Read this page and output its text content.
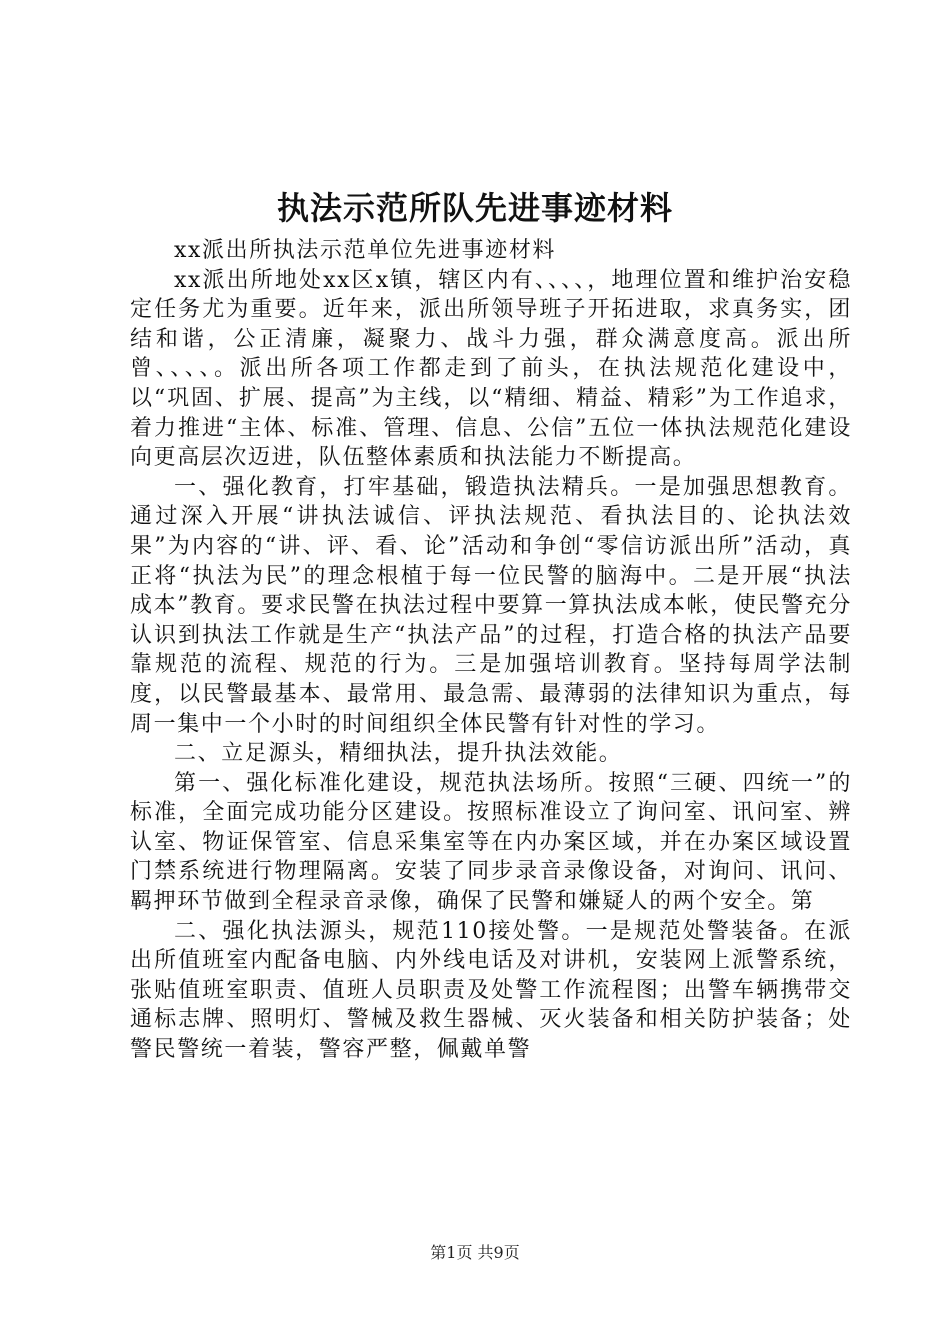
执法示范所队先进事迹材料

xx派出所执法示范单位先进事迹材料

xx派出所地处xx区x镇，辖区内有、、、、，地理位置和维护治安稳定任务尤为重要。近年来，派出所领导班子开拓进取，求真务实，团结和谐，公正清廉，凝聚力、战斗力强，群众满意度高。派出所曾、、、、。派出所各项工作都走到了前头，在执法规范化建设中，以“巩固、扩展、提高”为主线，以“精细、精益、精彩”为工作追求，着力推进“主体、标准、管理、信息、公信”五位一体执法规范化建设向更高层次迈进，队伍整体素质和执法能力不断提高。

一、强化教育，打牢基础，锻造执法精兵。一是加强思想教育。通过深入开展“讲执法诚信、评执法规范、看执法目的、论执法效果”为内容的“讲、评、看、论”活动和争创“零信访派出所”活动，真正将“执法为民”的理念根植于每一位民警的脑海中。二是开展“执法成本”教育。要求民警在执法过程中要算一算执法成本帐，使民警充分认识到执法工作就是生产“执法产品”的过程，打造合格的执法产品要靠规范的流程、规范的行为。三是加强培训教育。坚持每周学法制度，以民警最基本、最常用、最急需、最薄弱的法律知识为重点，每周一集中一个小时的时间组织全体民警有针对性的学习。

二、立足源头，精细执法，提升执法效能。

第一、强化标准化建设，规范执法场所。按照“三硬、四统一”的标准，全面完成功能分区建设。按照标准设立了询问室、讯问室、辨认室、物证保管室、信息采集室等在内办案区域，并在办案区域设置门禁系统进行物理隔离。安装了同步录音录像设备，对询问、讯问、羁押环节做到全程录音录像，确保了民警和嫌疑人的两个安全。第

二、强化执法源头，规范110接处警。一是规范处警装备。在派出所值班室内配备电脑、内外线电话及对讲机，安装网上派警系统，张贴值班室职责、值班人员职责及处警工作流程图；出警车辆携带交通标志牌、照明灯、警械及救生器械、灭火装备和相关防护装备；处警民警统一着装，警容严整，佩戴单警

第1页 共9页
